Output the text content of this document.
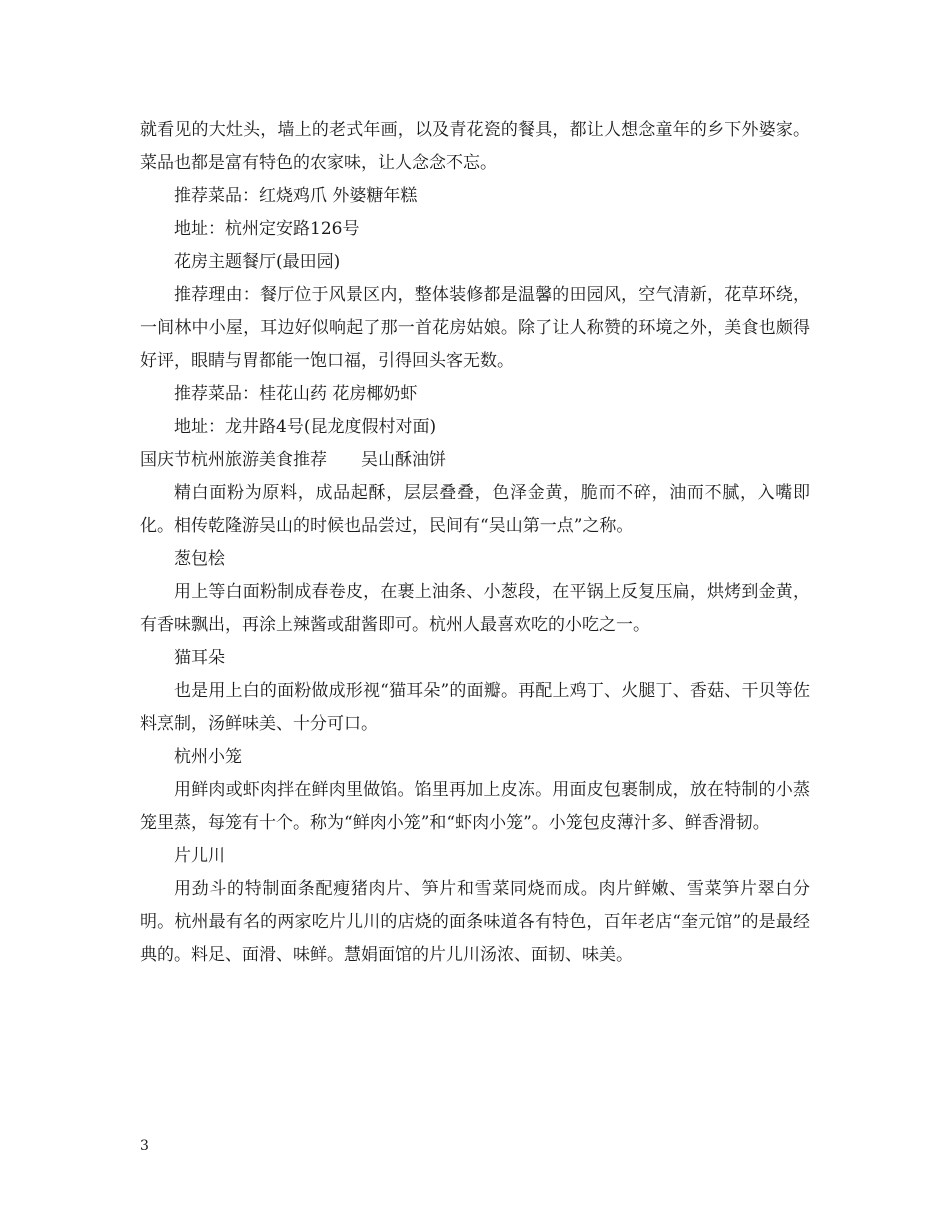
就看见的大灶头，墙上的老式年画，以及青花瓷的餐具，都让人想念童年的乡下外婆家。菜品也都是富有特色的农家味，让人念念不忘。

推荐菜品：红烧鸡爪 外婆糖年糕

地址：杭州定安路126号

花房主题餐厅(最田园)

推荐理由：餐厅位于风景区内，整体装修都是温馨的田园风，空气清新，花草环绕，一间林中小屋，耳边好似响起了那一首花房姑娘。除了让人称赞的环境之外，美食也颇得好评，眼睛与胃都能一饱口福，引得回头客无数。

推荐菜品：桂花山药 花房椰奶虾

地址：龙井路4号(昆龙度假村对面)

国庆节杭州旅游美食推荐 吴山酥油饼

精白面粉为原料，成品起酥，层层叠叠，色泽金黄，脆而不碎，油而不腻，入嘴即化。相传乾隆游吴山的时候也品尝过，民间有“吴山第一点”之称。

葱包桧

用上等白面粉制成春卷皮，在裹上油条、小葱段，在平锅上反复压扁，烘烤到金黄，有香味飘出，再涂上辣酱或甜酱即可。杭州人最喜欢吃的小吃之一。

猫耳朵

也是用上白的面粉做成形视“猫耳朵”的面瓣。再配上鸡丁、火腿丁、香菇、干贝等佐料烹制，汤鲜味美、十分可口。

杭州小笼

用鲜肉或虾肉拌在鲜肉里做馅。馅里再加上皮冻。用面皮包裹制成，放在特制的小蒸笼里蒸，每笼有十个。称为“鲜肉小笼”和“虾肉小笼”。小笼包皮薄汁多、鲜香滑韧。

片儿川

用劲斗的特制面条配瘦猪肉片、笋片和雪菜同烧而成。肉片鲜嫩、雪菜笋片翠白分明。杭州最有名的两家吃片儿川的店烧的面条味道各有特色，百年老店“奎元馆”的是最经典的。料足、面滑、味鲜。慧娟面馆的片儿川汤浓、面韧、味美。

3
